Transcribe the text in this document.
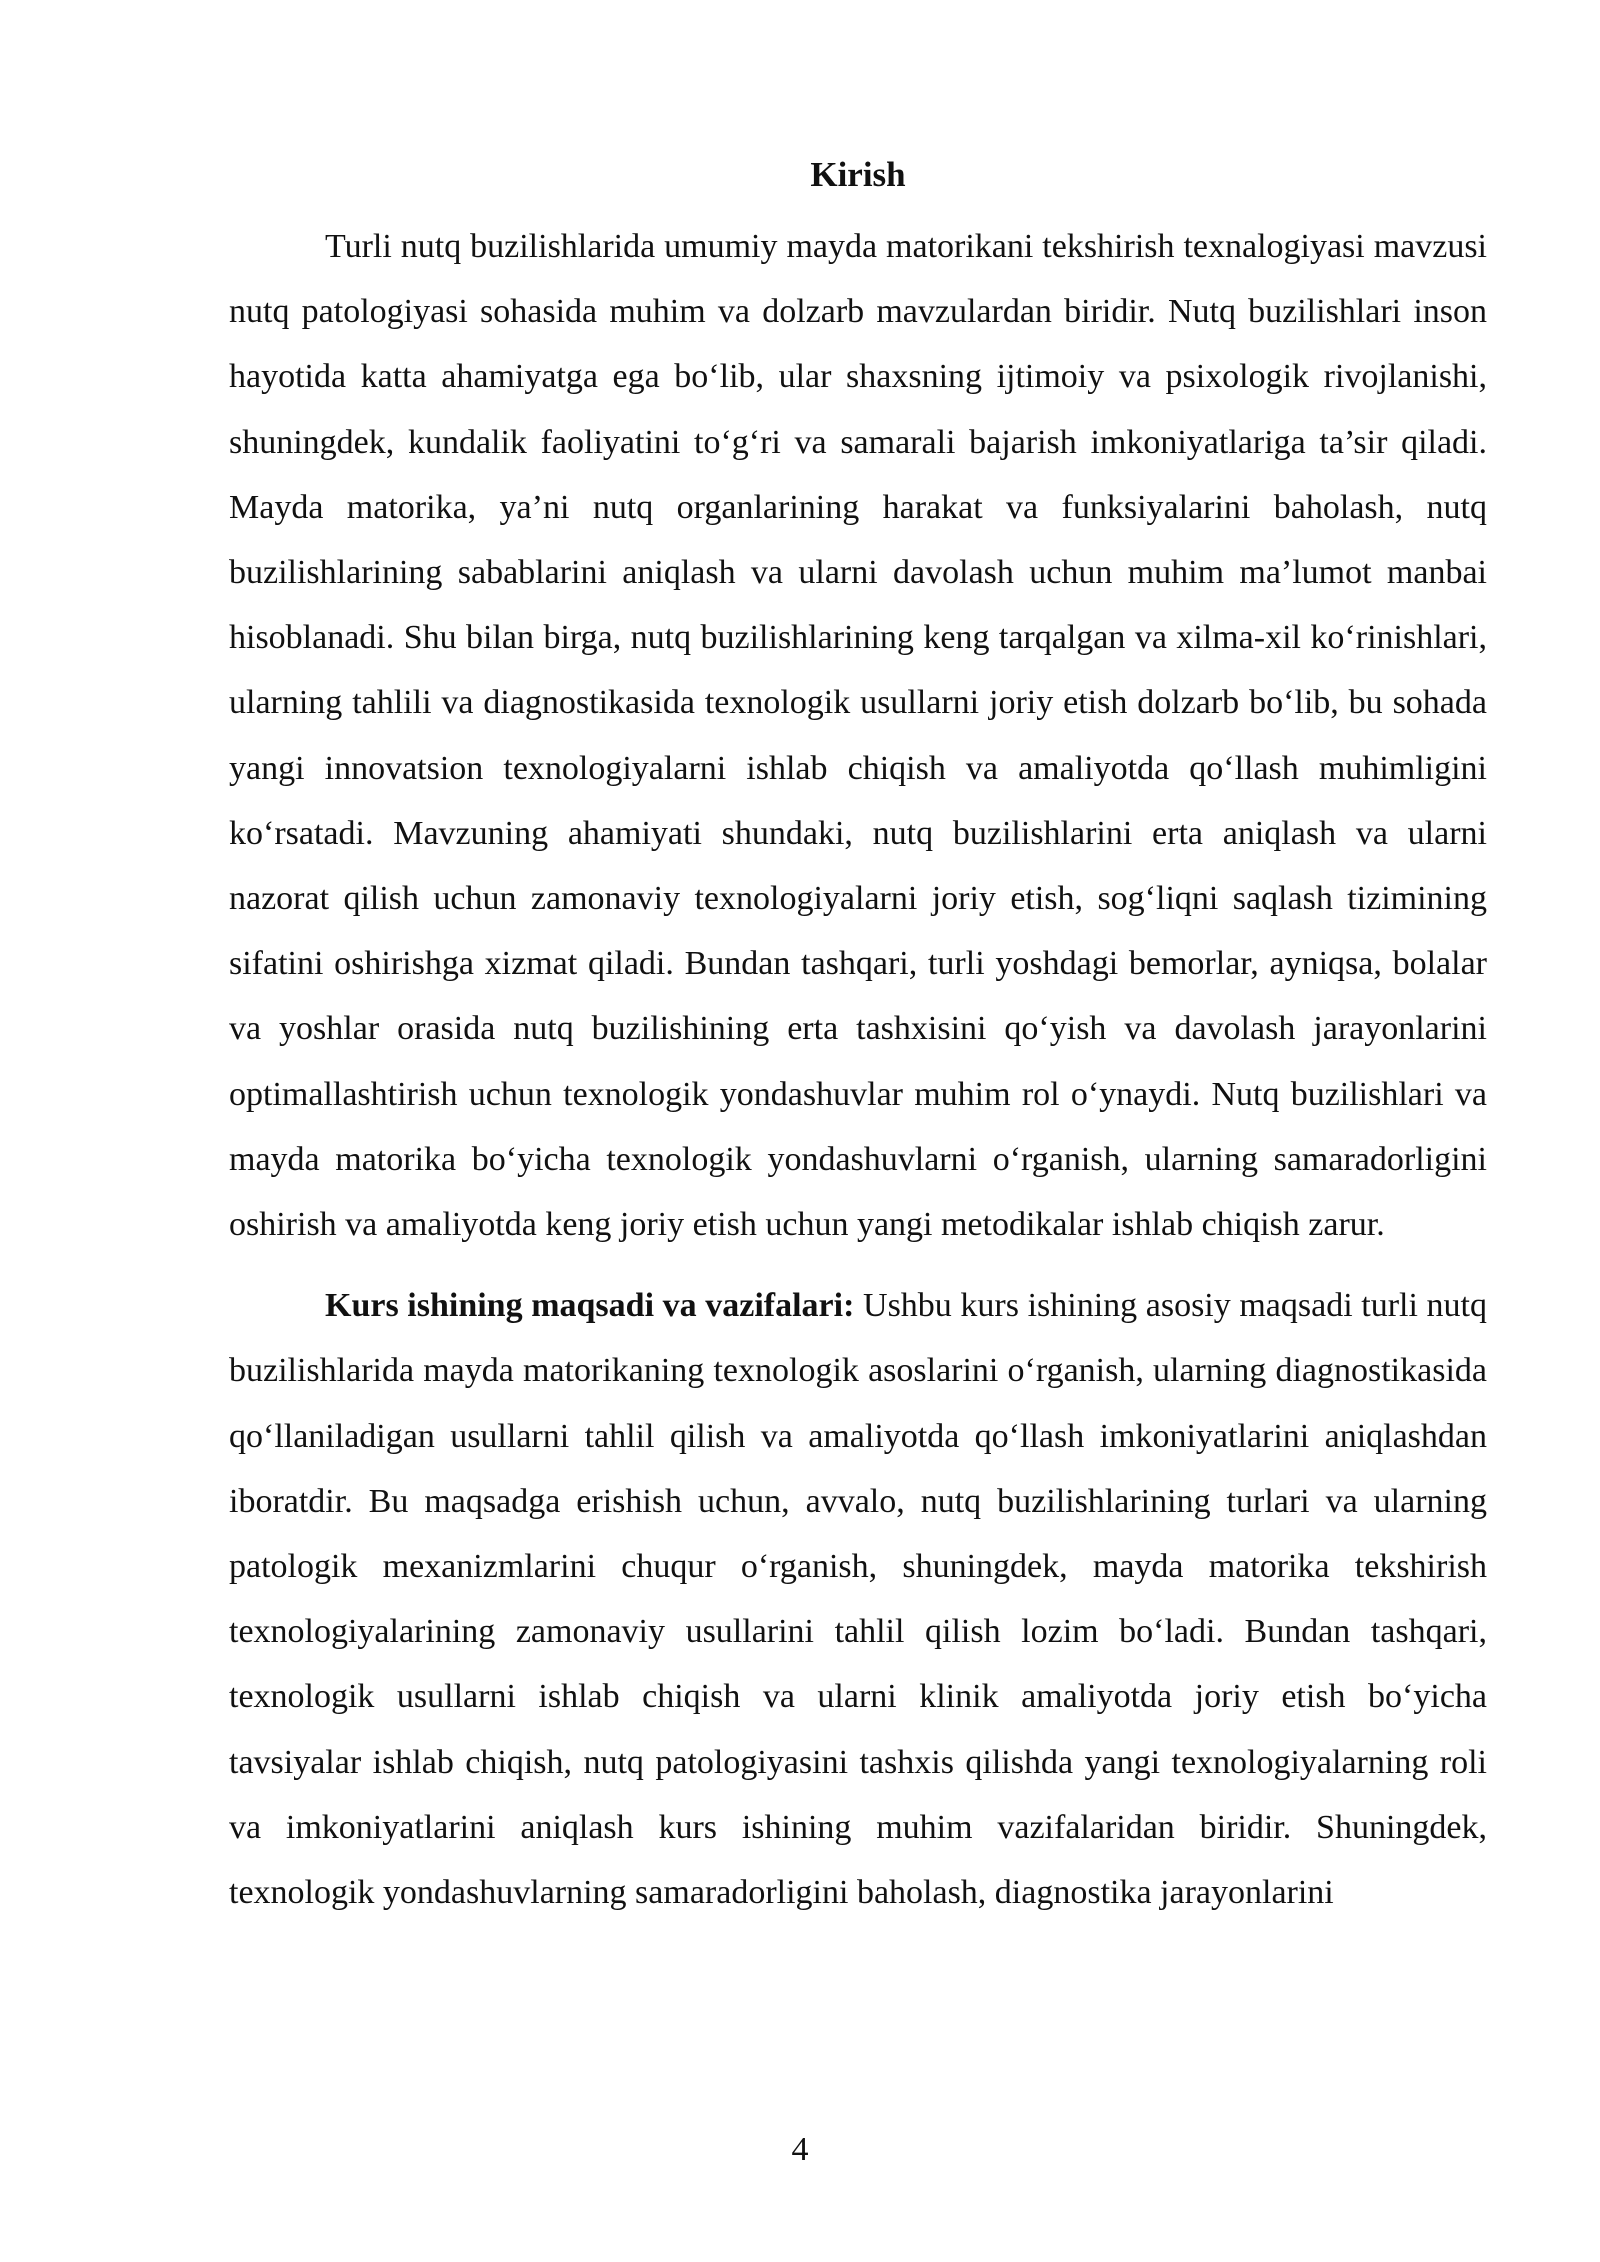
Kirish

Turli nutq buzilishlarida umumiy mayda matorikani tekshirish texnalogiyasi mavzusi nutq patologiyasi sohasida muhim va dolzarb mavzulardan biridir. Nutq buzilishlari inson hayotida katta ahamiyatga ega bo‘lib, ular shaxsning ijtimoiy va psixologik rivojlanishi, shuningdek, kundalik faoliyatini to‘g‘ri va samarali bajarish imkoniyatlariga ta’sir qiladi. Mayda matorika, ya’ni nutq organlarining harakat va funksiyalarini baholash, nutq buzilishlarining sabablarini aniqlash va ularni davolash uchun muhim ma’lumot manbai hisoblanadi. Shu bilan birga, nutq buzilishlarining keng tarqalgan va xilma-xil ko‘rinishlari, ularning tahlili va diagnostikasida texnologik usullarni joriy etish dolzarb bo‘lib, bu sohada yangi innovatsion texnologiyalarni ishlab chiqish va amaliyotda qo‘llash muhimligini ko‘rsatadi. Mavzuning ahamiyati shundaki, nutq buzilishlarini erta aniqlash va ularni nazorat qilish uchun zamonaviy texnologiyalarni joriy etish, sog‘liqni saqlash tizimining sifatini oshirishga xizmat qiladi. Bundan tashqari, turli yoshdagi bemorlar, ayniqsa, bolalar va yoshlar orasida nutq buzilishining erta tashxisini qo‘yish va davolash jarayonlarini optimallashtirish uchun texnologik yondashuvlar muhim rol o‘ynaydi. Nutq buzilishlari va mayda matorika bo‘yicha texnologik yondashuvlarni o‘rganish, ularning samaradorligini oshirish va amaliyotda keng joriy etish uchun yangi metodikalar ishlab chiqish zarur.

Kurs ishining maqsadi va vazifalari: Ushbu kurs ishining asosiy maqsadi turli nutq buzilishlarida mayda matorikaning texnologik asoslarini o‘rganish, ularning diagnostikasida qo‘llaniladigan usullarni tahlil qilish va amaliyotda qo‘llash imkoniyatlarini aniqlashdan iboratdir. Bu maqsadga erishish uchun, avvalo, nutq buzilishlarining turlari va ularning patologik mexanizmlarini chuqur o‘rganish, shuningdek, mayda matorika tekshirish texnologiyalarining zamonaviy usullarini tahlil qilish lozim bo‘ladi. Bundan tashqari, texnologik usullarni ishlab chiqish va ularni klinik amaliyotda joriy etish bo‘yicha tavsiyalar ishlab chiqish, nutq patologiyasini tashxis qilishda yangi texnologiyalarning roli va imkoniyatlarini aniqlash kurs ishining muhim vazifalaridan biridir. Shuningdek, texnologik yondashuvlarning samaradorligini baholash, diagnostika jarayonlarini

4
